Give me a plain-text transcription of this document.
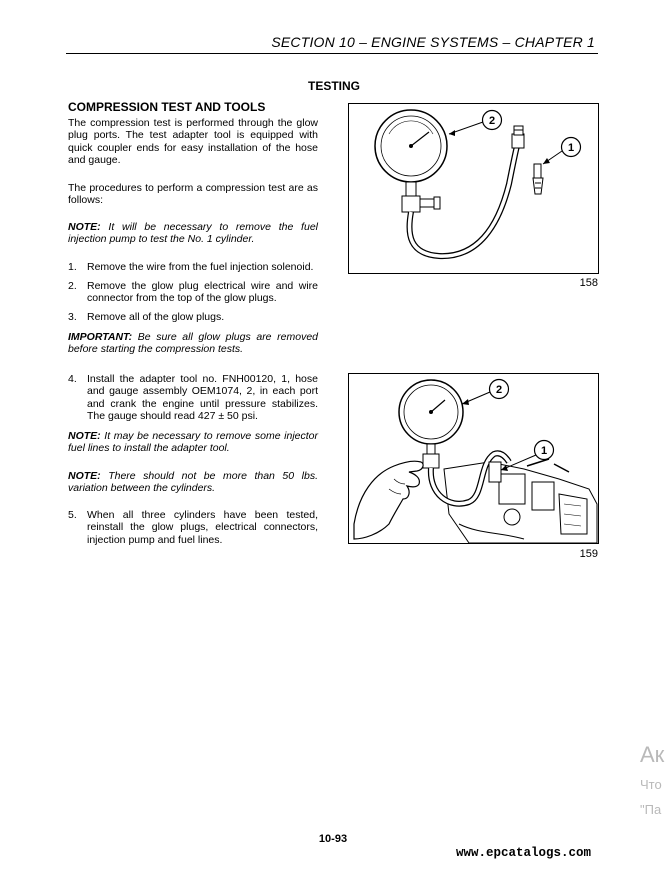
SECTION 10 – ENGINE SYSTEMS – CHAPTER 1
TESTING
COMPRESSION TEST AND TOOLS
The compression test is performed through the glow plug ports. The test adapter tool is equipped with quick coupler ends for easy installation of the hose and gauge.
The procedures to perform a compression test are as follows:
NOTE: It will be necessary to remove the fuel injection pump to test the No. 1 cylinder.
1. Remove the wire from the fuel injection solenoid.
2. Remove the glow plug electrical wire and wire connector from the top of the glow plugs.
3. Remove all of the glow plugs.
IMPORTANT: Be sure all glow plugs are removed before starting the compression tests.
4. Install the adapter tool no. FNH00120, 1, hose and gauge assembly OEM1074, 2, in each port and crank the engine until pressure stabilizes. The gauge should read 427 ± 50 psi.
NOTE: It may be necessary to remove some injector fuel lines to install the adapter tool.
NOTE: There should not be more than 50 lbs. variation between the cylinders.
5. When all three cylinders have been tested, reinstall the glow plugs, electrical connectors, injection pump and fuel lines.
2
1
158
2
1
159
10-93
www.epcatalogs.com
Ак
Что
"Па
